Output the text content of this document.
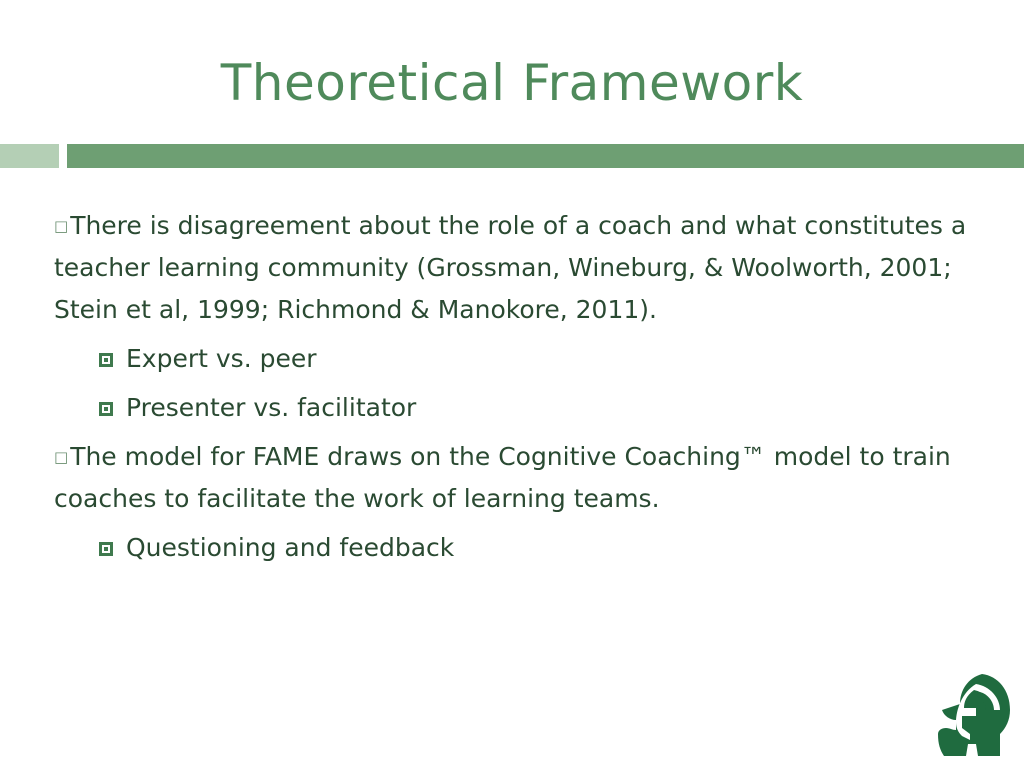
Theoretical Framework
□There is disagreement about the role of a coach and what constitutes a teacher learning community (Grossman, Wineburg, & Woolworth, 2001; Stein et al, 1999; Richmond & Manokore, 2011).
Expert vs. peer
Presenter vs. facilitator
□The model for FAME draws on the Cognitive Coaching™ model to train coaches to facilitate the work of learning teams.
Questioning and feedback
